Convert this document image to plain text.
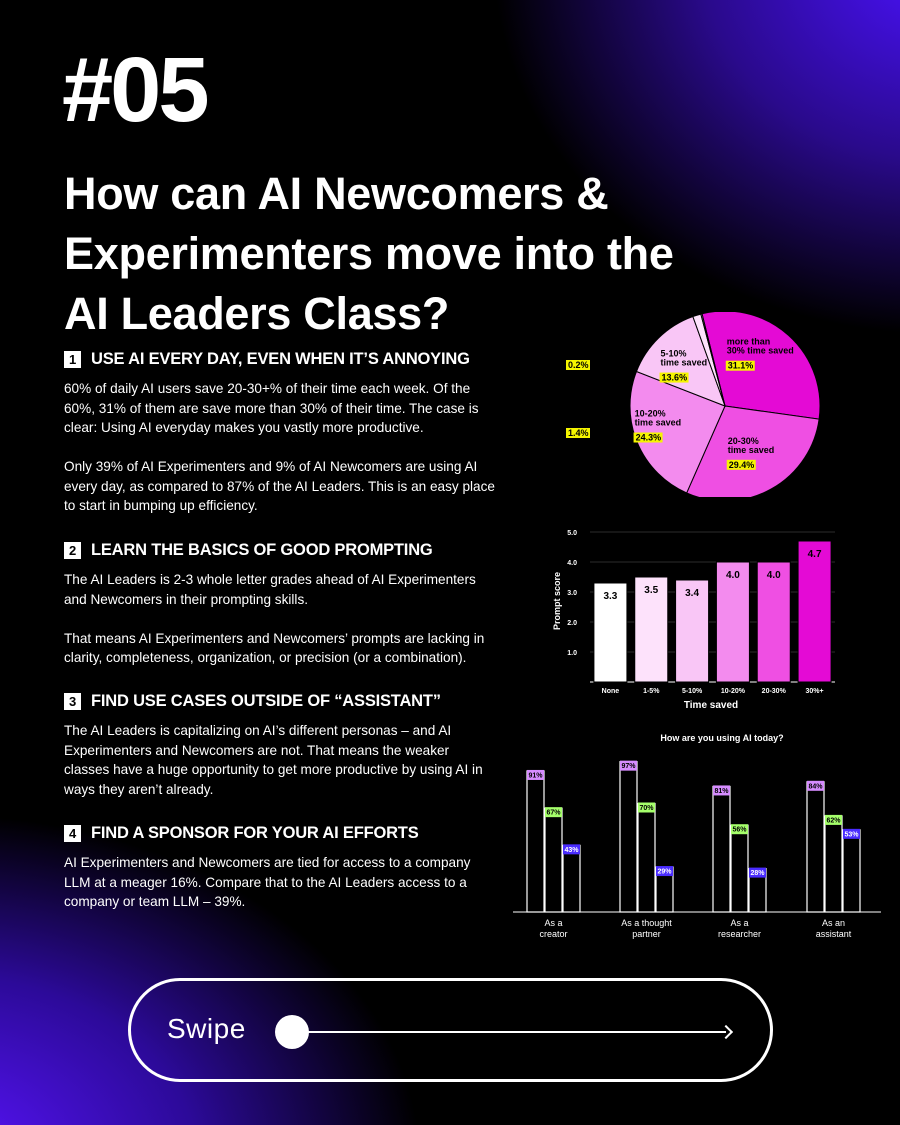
#05
How can AI Newcomers &
Experimenters move into the
AI Leaders Class?
1 USE AI EVERY DAY, EVEN WHEN IT’S ANNOYING

60% of daily AI users save 20-30+% of their time each week. Of the 60%, 31% of them are save more than 30% of their time. The case is clear: Using AI everyday makes you vastly more productive.

Only 39% of AI Experimenters and 9% of AI Newcomers are using AI every day, as compared to 87% of the AI Leaders. This is an easy place to start in bumping up efficiency.

2 LEARN THE BASICS OF GOOD PROMPTING

The AI Leaders is 2-3 whole letter grades ahead of AI Experimenters and Newcomers in their prompting skills.

That means AI Experimenters and Newcomers’ prompts are lacking in clarity, completeness, organization, or precision (or a combination).

3 FIND USE CASES OUTSIDE OF “ASSISTANT”

The AI Leaders is capitalizing on AI’s different personas – and AI Experimenters and Newcomers are not. That means the weaker classes have a huge opportunity to get more productive by using AI in ways they aren’t already.

4 FIND A SPONSOR FOR YOUR AI EFFORTS

AI Experimenters and Newcomers are tied for access to a company LLM at a meager 16%. Compare that to the AI Leaders access to a company or team LLM – 39%.

more than
30% time saved
31.1%
20-30%
time saved
29.4%
10-20%
time saved
24.3%
5-10%
time saved
13.6%
No
time saved
0.2%
1-5%
time saved
1.4%
1.0
2.0
3.0
4.0
5.0
Prompt score
Time saved
3.3
None
3.5
1-5%
3.4
5-10%
4.0
10-20%
4.0
20-30%
4.7
30%+
How are you using AI today?
91%
67%
43%
As a
creator
97%
70%
29%
As a thought
partner
81%
56%
28%
As a
researcher
84%
62%
53%
As an
assistant
Swipe
